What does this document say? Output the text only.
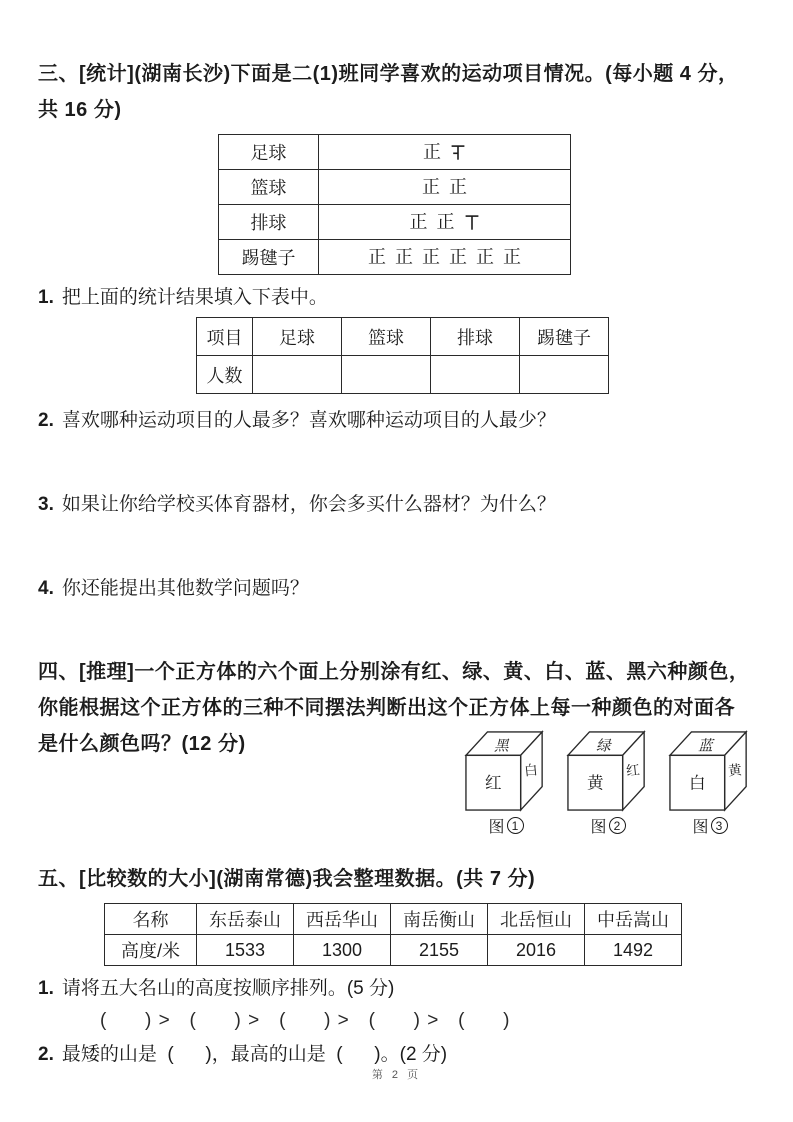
三、[统计](湖南长沙)下面是二(1)班同学喜欢的运动项目情况。(每小题 4 分，共 16 分)
足球	正

篮球	正 正

排球	正 正

踢毽子	正 正 正 正 正 正
1. 把上面的统计结果填入下表中。
项目	足球	篮球	排球	踢毽子
人数				
2. 喜欢哪种运动项目的人最多？喜欢哪种运动项目的人最少？
3. 如果让你给学校买体育器材，你会多买什么器材？为什么？
4. 你还能提出其他数学问题吗？
四、[推理]一个正方体的六个面上分别涂有红、绿、黄、白、蓝、黑六种颜色，你能根据这个正方体的三种不同摆法判断出这个正方体上每一种颜色的对面各是什么颜色吗？(12 分)	黑
红
白
图 1
绿
黄
红
图 2
蓝
白
黄
图 3
五、[比较数的大小](湖南常德)我会整理数据。(共 7 分)
名称	东岳泰山	西岳华山	南岳衡山	北岳恒山	中岳嵩山
高度/米	1533	1300	2155	2016	1492
1. 请将五大名山的高度按顺序排列。(5 分)
(      ) >   (      ) >   (      ) >   (      ) >   (      )
2. 最矮的山是  (      )，最高的山是  (      )。(2 分)
第 2 页
